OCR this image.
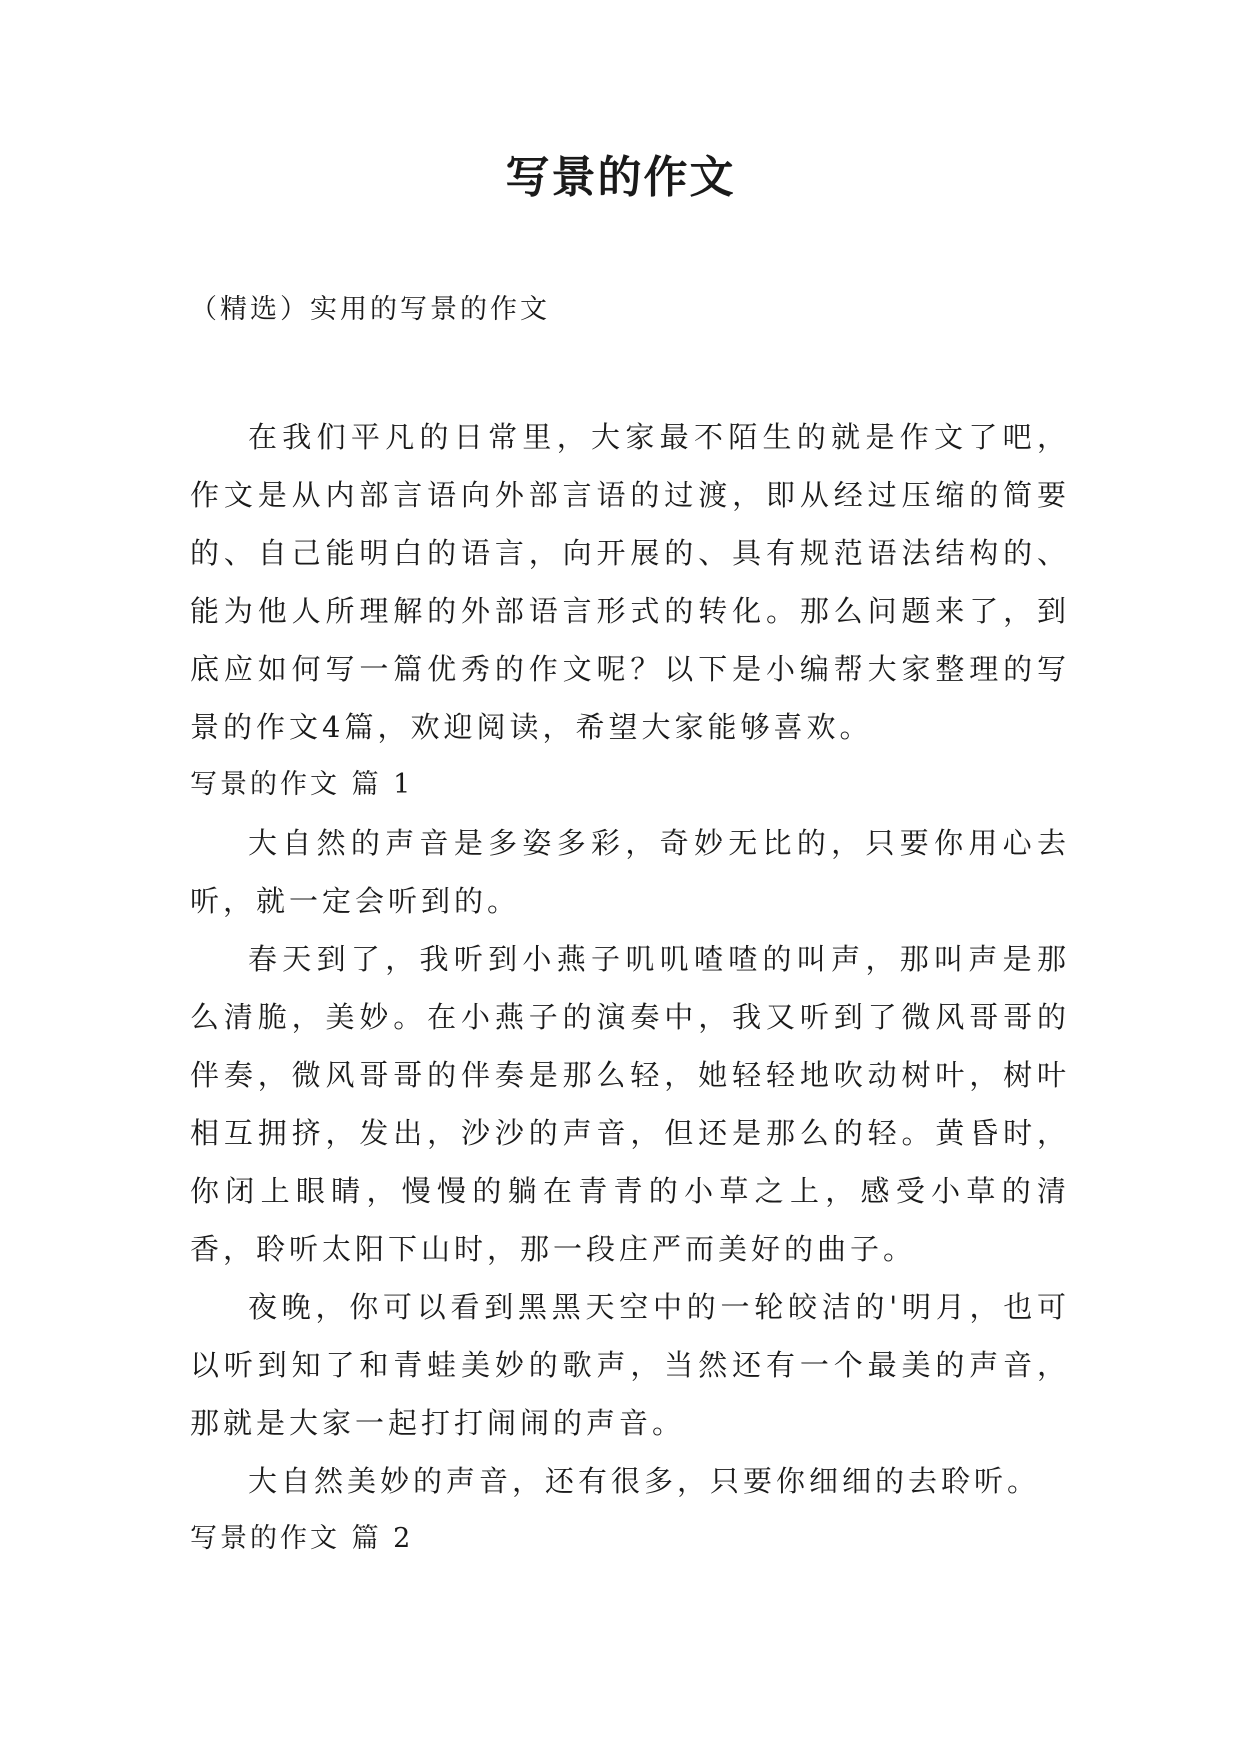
写景的作文

（精选）实用的写景的作文

在我们平凡的日常里，大家最不陌生的就是作文了吧，作文是从内部言语向外部言语的过渡，即从经过压缩的简要的、自己能明白的语言，向开展的、具有规范语法结构的、能为他人所理解的外部语言形式的转化。那么问题来了，到底应如何写一篇优秀的作文呢？以下是小编帮大家整理的写景的作文4篇，欢迎阅读，希望大家能够喜欢。

写景的作文 篇 1

大自然的声音是多姿多彩，奇妙无比的，只要你用心去听，就一定会听到的。

春天到了，我听到小燕子叽叽喳喳的叫声，那叫声是那么清脆，美妙。在小燕子的演奏中，我又听到了微风哥哥的伴奏，微风哥哥的伴奏是那么轻，她轻轻地吹动树叶，树叶相互拥挤，发出，沙沙的声音，但还是那么的轻。黄昏时，你闭上眼睛，慢慢的躺在青青的小草之上，感受小草的清香，聆听太阳下山时，那一段庄严而美好的曲子。

夜晚，你可以看到黑黑天空中的一轮皎洁的'明月，也可以听到知了和青蛙美妙的歌声，当然还有一个最美的声音，那就是大家一起打打闹闹的声音。

大自然美妙的声音，还有很多，只要你细细的去聆听。

写景的作文 篇 2
